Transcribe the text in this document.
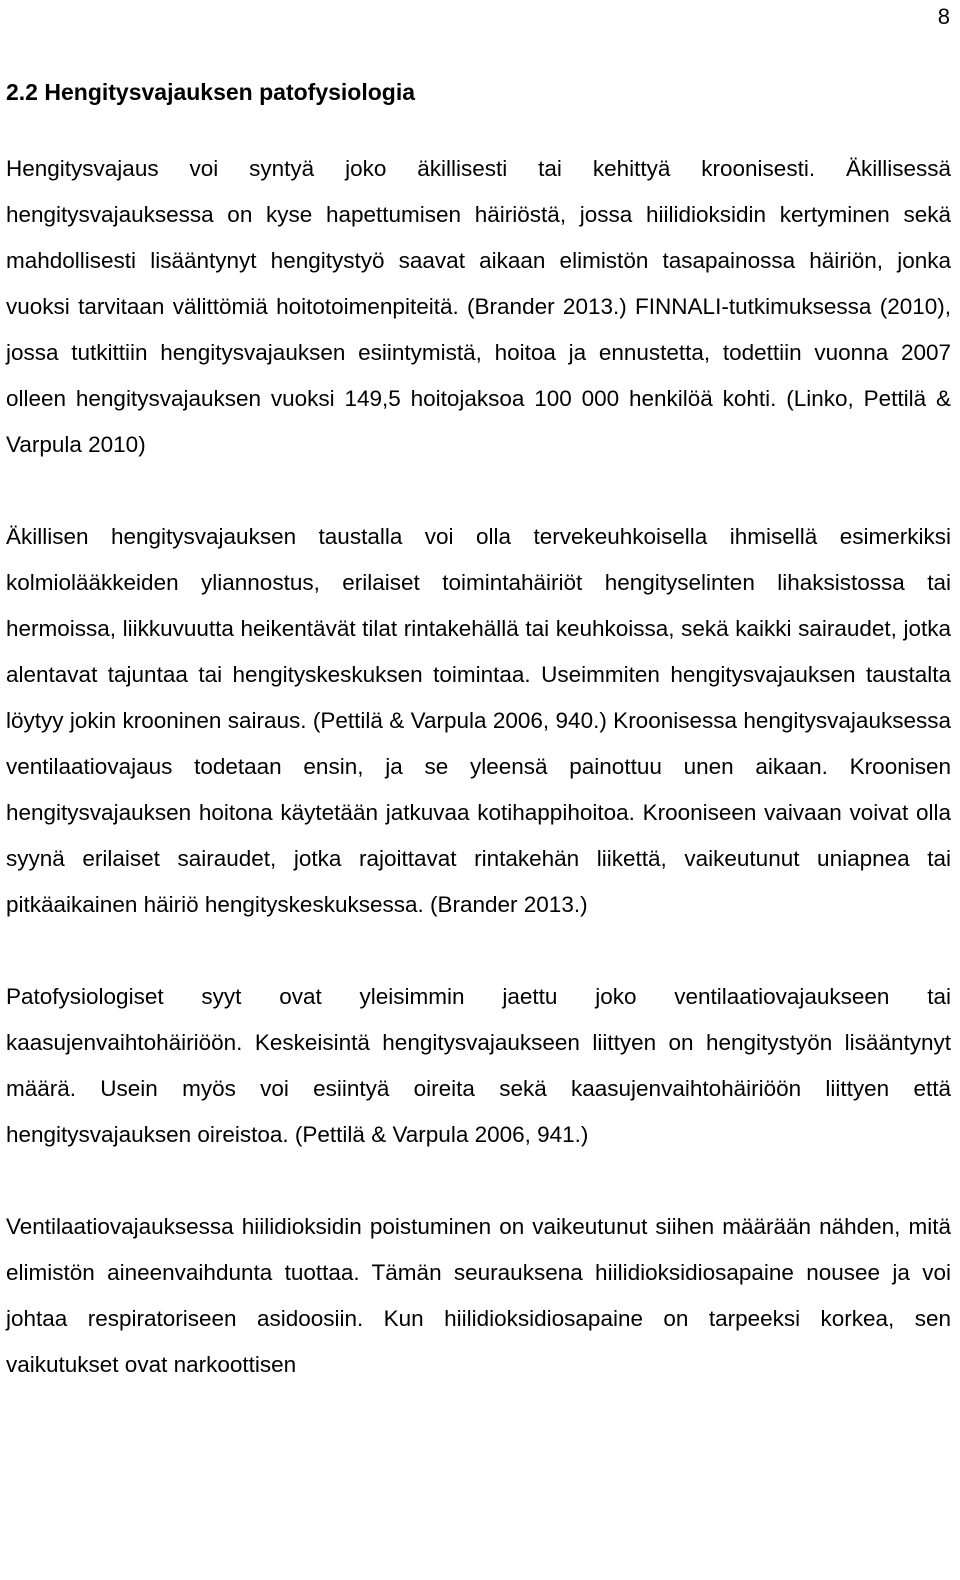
8
2.2 Hengitysvajauksen patofysiologia

Hengitysvajaus voi syntyä joko äkillisesti tai kehittyä kroonisesti. Äkillisessä hengitysvajauksessa on kyse hapettumisen häiriöstä, jossa hiilidioksidin kertyminen sekä mahdollisesti lisääntynyt hengitystyö saavat aikaan elimistön tasapainossa häiriön, jonka vuoksi tarvitaan välittömiä hoitotoimenpiteitä. (Brander 2013.) FINNALI-tutkimuksessa (2010), jossa tutkittiin hengitysvajauksen esiintymistä, hoitoa ja ennustetta, todettiin vuonna 2007 olleen hengitysvajauksen vuoksi 149,5 hoitojaksoa 100 000 henkilöä kohti. (Linko, Pettilä & Varpula 2010)

Äkillisen hengitysvajauksen taustalla voi olla tervekeuhkoisella ihmisellä esimerkiksi kolmiolääkkeiden yliannostus, erilaiset toimintahäiriöt hengityselinten lihaksistossa tai hermoissa, liikkuvuutta heikentävät tilat rintakehällä tai keuhkoissa, sekä kaikki sairaudet, jotka alentavat tajuntaa tai hengityskeskuksen toimintaa. Useimmiten hengitysvajauksen taustalta löytyy jokin krooninen sairaus. (Pettilä & Varpula 2006, 940.) Kroonisessa hengitysvajauksessa ventilaatiovajaus todetaan ensin, ja se yleensä painottuu unen aikaan. Kroonisen hengitysvajauksen hoitona käytetään jatkuvaa kotihappihoitoa. Krooniseen vaivaan voivat olla syynä erilaiset sairaudet, jotka rajoittavat rintakehän liikettä, vaikeutunut uniapnea tai pitkäaikainen häiriö hengityskeskuksessa. (Brander 2013.)

Patofysiologiset syyt ovat yleisimmin jaettu joko ventilaatiovajaukseen tai kaasujenvaihtohäiriöön. Keskeisintä hengitysvajaukseen liittyen on hengitystyön lisääntynyt määrä. Usein myös voi esiintyä oireita sekä kaasujenvaihtohäiriöön liittyen että hengitysvajauksen oireistoa. (Pettilä & Varpula 2006, 941.)

Ventilaatiovajauksessa hiilidioksidin poistuminen on vaikeutunut siihen määrään nähden, mitä elimistön aineenvaihdunta tuottaa. Tämän seurauksena hiilidioksidiosapaine nousee ja voi johtaa respiratoriseen asidoosiin. Kun hiilidioksidiosapaine on tarpeeksi korkea, sen vaikutukset ovat narkoottisen
